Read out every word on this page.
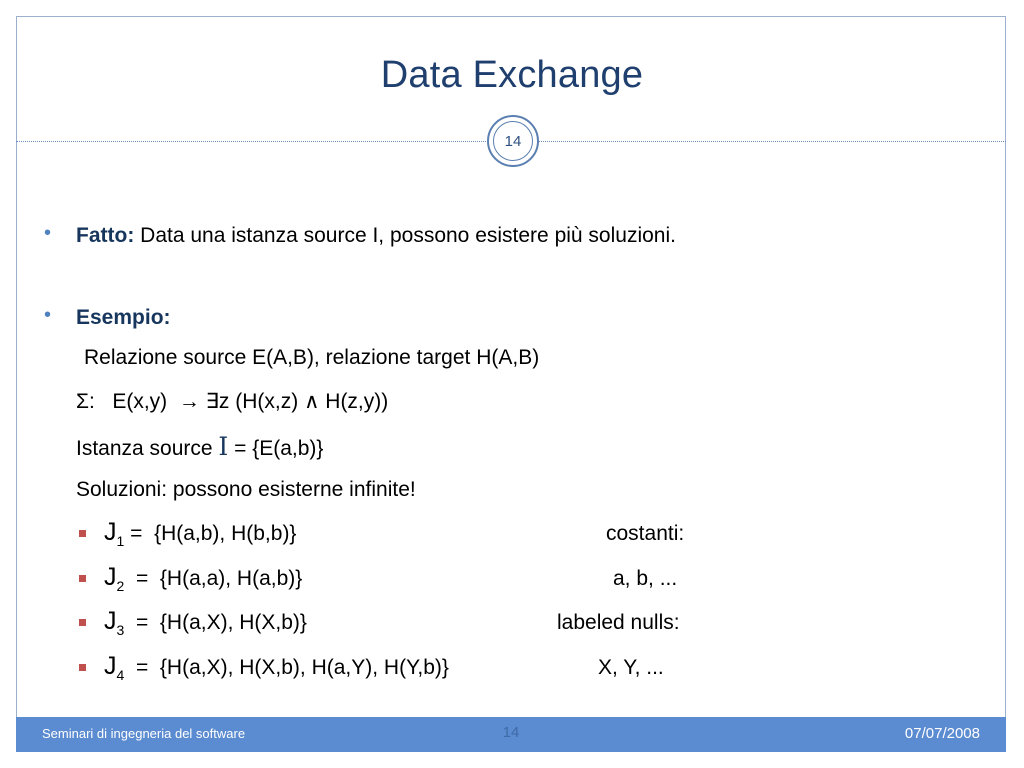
Data Exchange
14
• Fatto: Data una istanza source I, possono esistere più soluzioni.
• Esempio:
Relazione source E(A,B), relazione target H(A,B)
Σ:   E(x,y)  → ∃z (H(x,z) ∧ H(z,y))
Istanza source I = {E(a,b)}
Soluzioni: possono esisterne infinite!
$J_1 = \{H(a,b)$, H(b,b)}
$J_2 = \{H(a,a)$, H(a,b)}
$J_3 = \{H(a,X)$, H(X,b)}
$J_4 = \{H(a,X)$, H(X,b), H(a,Y), H(Y,b)}
costanti:
a, b, ...
labeled nulls:
X, Y, ...
Seminari di ingegneria del software	14	07/07/2008
